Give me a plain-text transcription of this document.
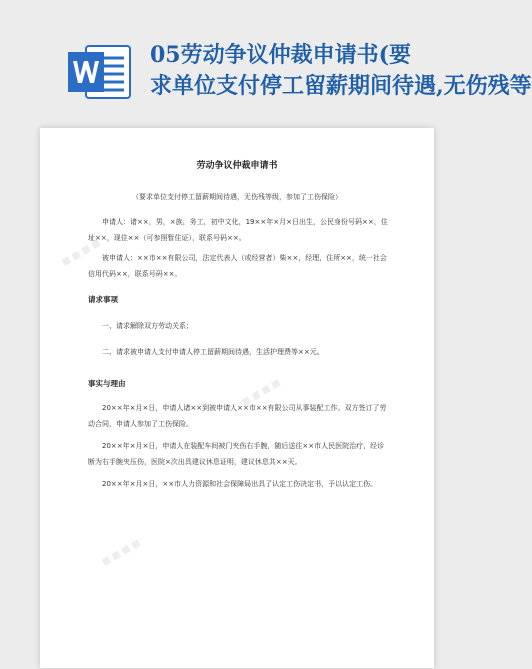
05劳动争议仲裁申请书(要
求单位支付停工留薪期间待遇,无伤残等
▦ ▦ ▦ ▦
▦ ▦ ▦ ▦
▦ ▦ ▦ ▦
劳动争议仲裁申请书
（要求单位支付停工留薪期间待遇，无伤残等级，参加了工伤保险）
申请人：诸××，男，×族，务工，初中文化，19××年×月×日出生，公民身份号码××，住址××，现住××（可参照暂住证），联系号码××。
被申请人：××市××有限公司，法定代表人（或经营者）柴××，经理，住所××，统一社会信用代码××，联系号码××。
请求事项
一、请求解除双方劳动关系；
二、请求被申请人支付申请人停工留薪期间待遇，生活护理费等××元。
事实与理由
20××年×月×日，申请人诸××到被申请人××市××有限公司从事装配工作。双方签订了劳动合同，申请人参加了工伤保险。
20××年×月×日，申请人在装配车间被门夹伤右手腕，随后送往××市人民医院治疗，经诊断为右手腕夹压伤，医院×次出具建议休息证明，建议休息共××天。
20××年×月×日，××市人力资源和社会保障局出具了认定工伤决定书，予以认定工伤。
